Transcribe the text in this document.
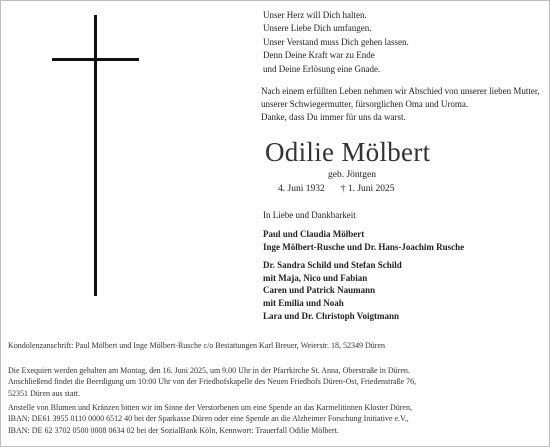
Unser Herz will Dich halten.
Unsere Liebe Dich umfangen.
Unser Verstand muss Dich gehen lassen.
Denn Deine Kraft war zu Ende
und Deine Erlösung eine Gnade.
Nach einem erfüllten Leben nehmen wir Abschied von unserer lieben Mutter,
unserer Schwiegermutter, fürsorglichen Oma und Uroma.
Danke, dass Du immer für uns da warst.
Odilie Mölbert
geb. Jöntgen
4. Juni 1932 † 1. Juni 2025
In Liebe und Dankbarkeit
Paul und Claudia Mölbert
Inge Mölbert-Rusche und Dr. Hans-Joachim Rusche
Dr. Sandra Schild und Stefan Schild
mit Maja, Nico und Fabian
Caren und Patrick Naumann
mit Emilia und Noah
Lara und Dr. Christoph Voigtmann
Kondolenzanschrift: Paul Mölbert und Inge Mölbert-Rusche c/o Bestattungen Karl Breuer, Weierstr. 18, 52349 Düren
Die Exequien werden gehalten am Montag, den 16. Juni 2025, um 9.00 Uhr in der Pfarrkirche St. Anna, Oberstraße in Düren.
Anschließend findet die Beerdigung um 10:00 Uhr von der Friedhofskapelle des Neuen Friedhofs Düren-Ost, Friedenstraße 76,
52351 Düren aus statt.
Anstelle von Blumen und Kränzen bitten wir im Sinne der Verstorbenen um eine Spende an das Karmelitinnen Kloster Düren,
IBAN: DE61 3955 0110 0000 6512 40 bei der Sparkasse Düren oder eine Spende an die Alzheimer Forschung Initiative e.V.,
IBAN: DE 62 3702 0500 0008 0634 02 bei der SozialBank Köln, Kennwort: Trauerfall Odilie Mölbert.
